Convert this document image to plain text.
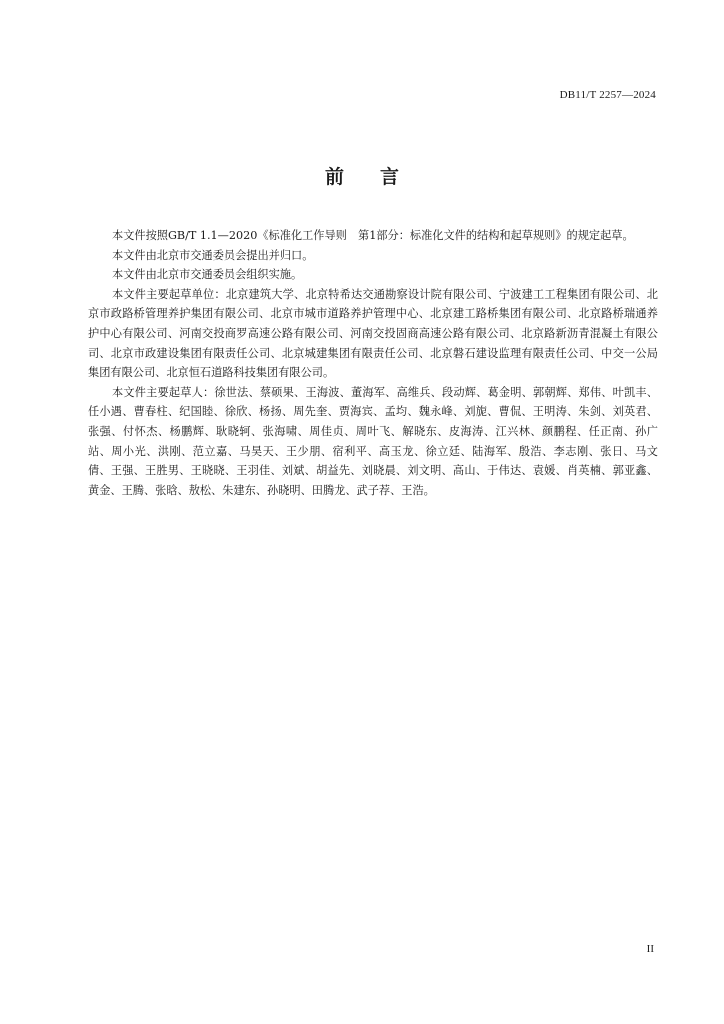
DB11/T 2257—2024
前言

本文件按照GB/T 1.1—2020《标准化工作导则　第1部分：标准化文件的结构和起草规则》的规定起草。

本文件由北京市交通委员会提出并归口。

本文件由北京市交通委员会组织实施。

本文件主要起草单位：北京建筑大学、北京特希达交通勘察设计院有限公司、宁波建工工程集团有限公司、北京市政路桥管理养护集团有限公司、北京市城市道路养护管理中心、北京建工路桥集团有限公司、北京路桥瑞通养护中心有限公司、河南交投商罗高速公路有限公司、河南交投固商高速公路有限公司、北京路新沥青混凝土有限公司、北京市政建设集团有限责任公司、北京城建集团有限责任公司、北京磐石建设监理有限责任公司、中交一公局集团有限公司、北京恒石道路科技集团有限公司。

本文件主要起草人：徐世法、蔡硕果、王海波、董海军、高维兵、段动辉、葛金明、郭朝辉、郑伟、叶凯丰、任小遇、曹春柱、纪国睦、徐欣、杨扬、周先奎、贾海宾、孟均、魏永峰、刘旎、曹侃、王明涛、朱剑、刘英君、张强、付怀杰、杨鹏辉、耿晓轲、张海啸、周佳贞、周叶飞、解晓东、皮海涛、江兴林、颜鹏程、任正南、孙广站、周小光、洪刚、范立嘉、马昊天、王少朋、宿利平、高玉龙、徐立廷、陆海军、殷浩、李志刚、张日、马文倩、王强、王胜男、王晓晓、王羽佳、刘斌、胡益先、刘晓晨、刘文明、高山、于伟达、袁媛、肖英楠、郭亚鑫、黄金、王腾、张晗、敖松、朱建东、孙晓明、田腾龙、武子荐、王浩。

II
